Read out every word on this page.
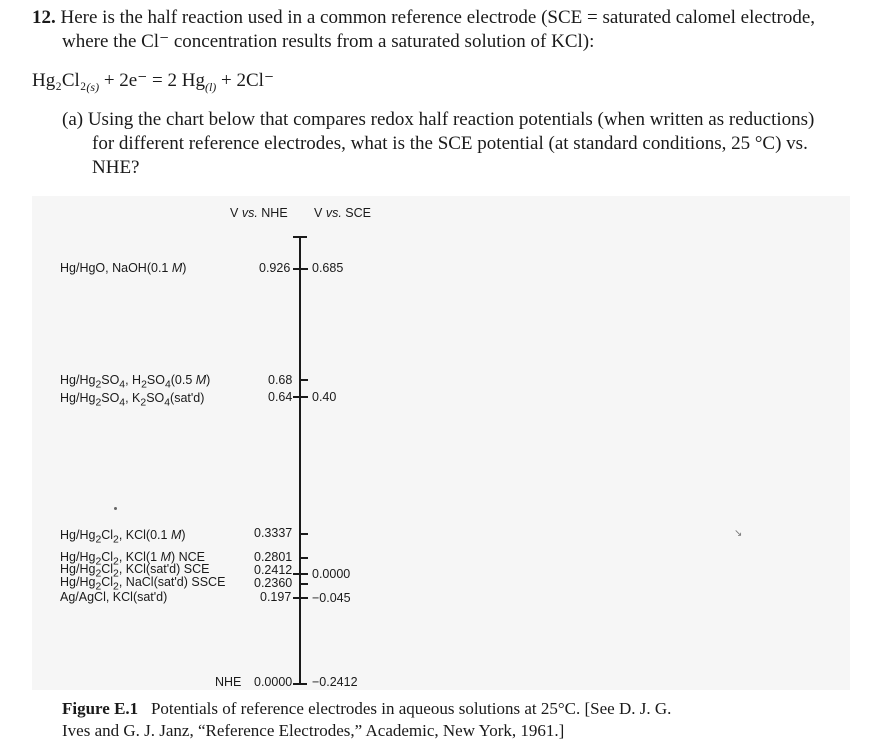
12. Here is the half reaction used in a common reference electrode (SCE = saturated calomel electrode,
where the Cl⁻ concentration results from a saturated solution of KCl):
$Hg_2Cl_2_{(s)} + 2e^- = 2$ $Hg_{(l)} + 2Cl^-$
(a) Using the chart below that compares redox half reaction potentials (when written as reductions)
for different reference electrodes, what is the SCE potential (at standard conditions, 25 °C) vs.
NHE?
↘
V vs. NHE V vs. SCE
Hg/HgO, NaOH(0.1 M)
$Hg/Hg_2SO_4$, $H_2SO_4(0.5$ M)
$Hg/Hg_2SO_4$, $K_2SO_4(sat'd)$
$Hg/Hg_2Cl_2$, KCl(0.1 M)
$Hg/Hg_2Cl_2$, KCl(1 M) NCE
$Hg/Hg_2Cl_2$, KCl(sat'd) SCE
$Hg/Hg_2Cl_2$, NaCl(sat'd) SSCE
Ag/AgCl, KCl(sat'd)
0.926
0.68
0.64
0.3337
0.2801
0.2412
0.2360
0.197
0.685
0.40
0.0000
−0.045
NHE 0.0000 −0.2412
Figure E.1 Potentials of reference electrodes in aqueous solutions at 25°C. [See D. J. G.
Ives and G. J. Janz, “Reference Electrodes,” Academic, New York, 1961.]
